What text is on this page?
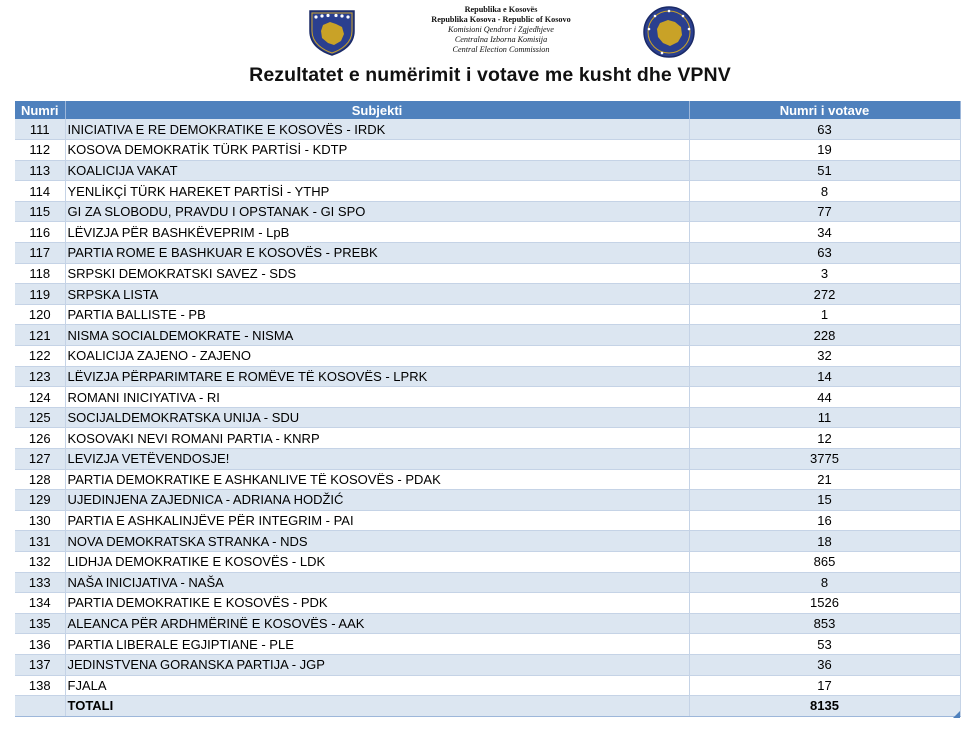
Republika e Kosovës
Republika Kosova - Republic of Kosovo
Komisioni Qendror i Zgjedhjeve
Centralna Izborna Komisija
Central Election Commission
Rezultatet e numërimit i votave me kusht dhe VPNV
Numri	Subjekti	Numri i votave
111	INICIATIVA E RE DEMOKRATIKE E KOSOVËS - IRDK	63
112	KOSOVA DEMOKRATİK TÜRK PARTİSİ - KDTP	19
113	KOALICIJA VAKAT	51
114	YENLİKÇİ TÜRK HAREKET PARTİSİ - YTHP	8
115	GI ZA SLOBODU, PRAVDU I OPSTANAK - GI SPO	77
116	LËVIZJA PËR BASHKËVEPRIM - LpB	34
117	PARTIA ROME E BASHKUAR E KOSOVËS - PREBK	63
118	SRPSKI DEMOKRATSKI SAVEZ - SDS	3
119	SRPSKA LISTA	272
120	PARTIA BALLISTE - PB	1
121	NISMA SOCIALDEMOKRATE - NISMA	228
122	KOALICIJA ZAJENO - ZAJENO	32
123	LËVIZJA PËRPARIMTARE E ROMËVE TË KOSOVËS - LPRK	14
124	ROMANI INICIYATIVA - RI	44
125	SOCIJALDEMOKRATSKA UNIJA - SDU	11
126	KOSOVAKI NEVI ROMANI PARTIA - KNRP	12
127	LEVIZJA VETËVENDOSJE!	3775
128	PARTIA DEMOKRATIKE E ASHKANLIVE TË KOSOVËS - PDAK	21
129	UJEDINJENA ZAJEDNICA - ADRIANA HODŽIĆ	15
130	PARTIA E ASHKALINJËVE PËR INTEGRIM - PAI	16
131	NOVA DEMOKRATSKA STRANKA - NDS	18
132	LIDHJA DEMOKRATIKE E KOSOVËS - LDK	865
133	NAŠA INICIJATIVA - NAŠA	8
134	PARTIA DEMOKRATIKE E KOSOVËS - PDK	1526
135	ALEANCA PËR ARDHMËRINË E KOSOVËS - AAK	853
136	PARTIA LIBERALE EGJIPTIANE - PLE	53
137	JEDINSTVENA GORANSKA PARTIJA - JGP	36
138	FJALA	17
	TOTALI	8135
